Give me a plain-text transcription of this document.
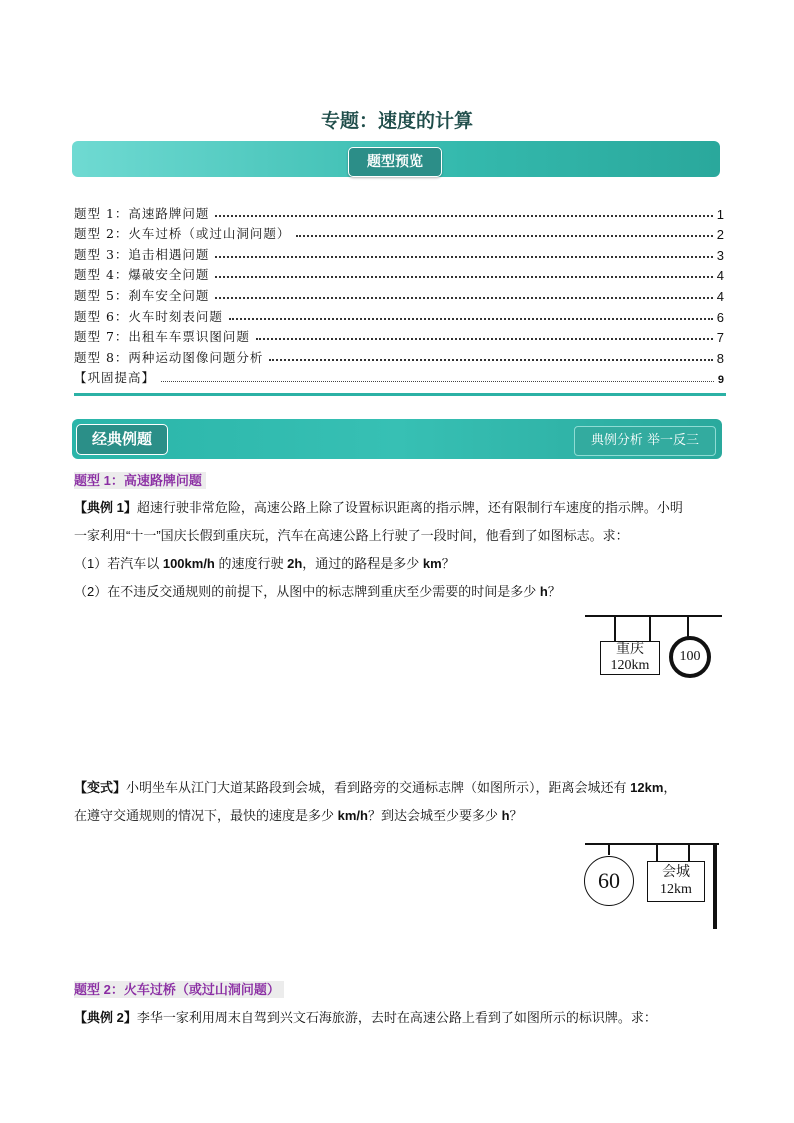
专题：速度的计算
题型预览
题型 1：高速路牌问题	1
题型 2：火车过桥（或过山洞问题）	2
题型 3：追击相遇问题	3
题型 4：爆破安全问题	4
题型 5：刹车安全问题	4
题型 6：火车时刻表问题	6
题型 7：出租车车票识图问题	7
题型 8：两种运动图像问题分析	8
【巩固提高】	9
经典例题	典例分析 举一反三
题型 1：高速路牌问题
【典例 1】超速行驶非常危险，高速公路上除了设置标识距离的指示牌，还有限制行车速度的指示牌。小明
一家利用“十一”国庆长假到重庆玩，汽车在高速公路上行驶了一段时间，他看到了如图标志。求：
（1）若汽车以 100km/h 的速度行驶 2h，通过的路程是多少 km？
（2）在不违反交通规则的前提下，从图中的标志牌到重庆至少需要的时间是多少 h？
重庆
120km
100
【变式】小明坐车从江门大道某路段到会城，看到路旁的交通标志牌（如图所示），距离会城还有 12km，
在遵守交通规则的情况下，最快的速度是多少 km/h？到达会城至少要多少 h？
60	会城
12km
题型 2：火车过桥（或过山洞问题）
【典例 2】李华一家利用周末自驾到兴文石海旅游，去时在高速公路上看到了如图所示的标识牌。求：
